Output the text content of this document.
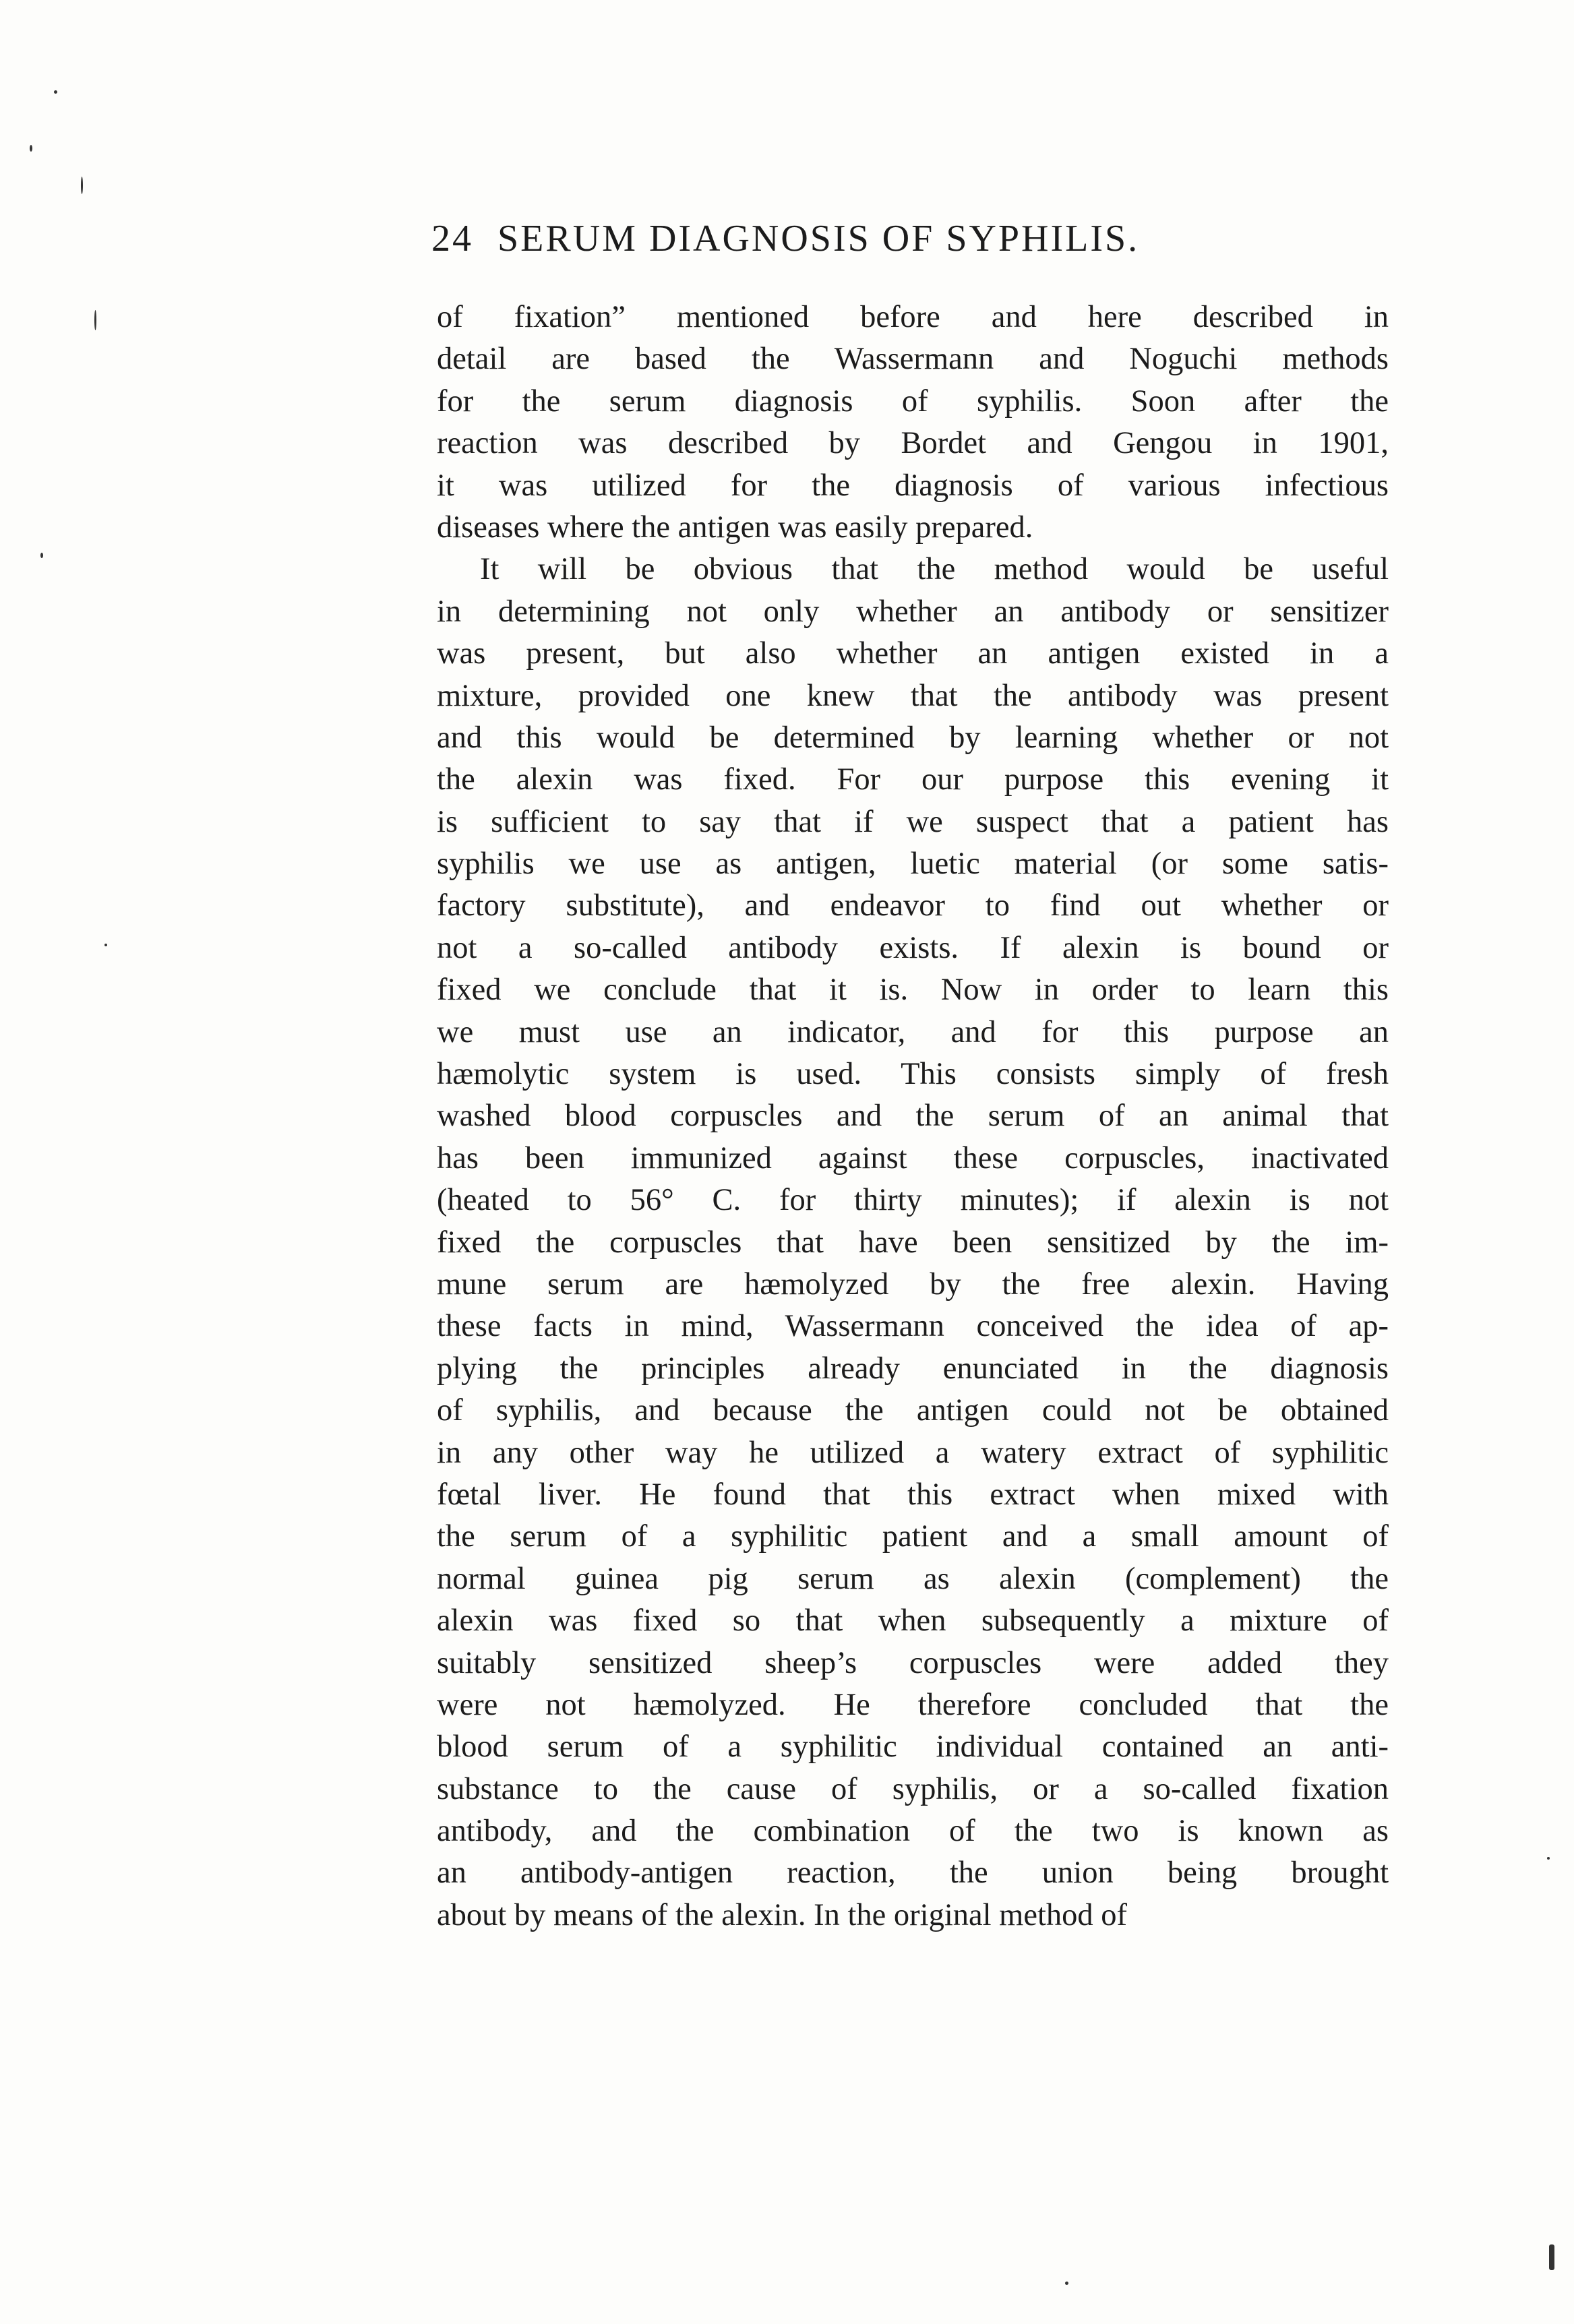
24 SERUM DIAGNOSIS OF SYPHILIS.
of fixation” mentioned before and here described in
detail are based the Wassermann and Noguchi methods
for the serum diagnosis of syphilis. Soon after the
reaction was described by Bordet and Gengou in 1901,
it was utilized for the diagnosis of various infectious
diseases where the antigen was easily prepared.
It will be obvious that the method would be useful
in determining not only whether an antibody or sensitizer
was present, but also whether an antigen existed in a
mixture, provided one knew that the antibody was present
and this would be determined by learning whether or not
the alexin was fixed. For our purpose this evening it
is sufficient to say that if we suspect that a patient has
syphilis we use as antigen, luetic material (or some satis-
factory substitute), and endeavor to find out whether or
not a so-called antibody exists. If alexin is bound or
fixed we conclude that it is. Now in order to learn this
we must use an indicator, and for this purpose an
hæmolytic system is used. This consists simply of fresh
washed blood corpuscles and the serum of an animal that
has been immunized against these corpuscles, inactivated
(heated to 56° C. for thirty minutes); if alexin is not
fixed the corpuscles that have been sensitized by the im-
mune serum are hæmolyzed by the free alexin. Having
these facts in mind, Wassermann conceived the idea of ap-
plying the principles already enunciated in the diagnosis
of syphilis, and because the antigen could not be obtained
in any other way he utilized a watery extract of syphilitic
fœtal liver. He found that this extract when mixed with
the serum of a syphilitic patient and a small amount of
normal guinea pig serum as alexin (complement) the
alexin was fixed so that when subsequently a mixture of
suitably sensitized sheep’s corpuscles were added they
were not hæmolyzed. He therefore concluded that the
blood serum of a syphilitic individual contained an anti-
substance to the cause of syphilis, or a so-called fixation
antibody, and the combination of the two is known as
an antibody-antigen reaction, the union being brought
about by means of the alexin. In the original method of
